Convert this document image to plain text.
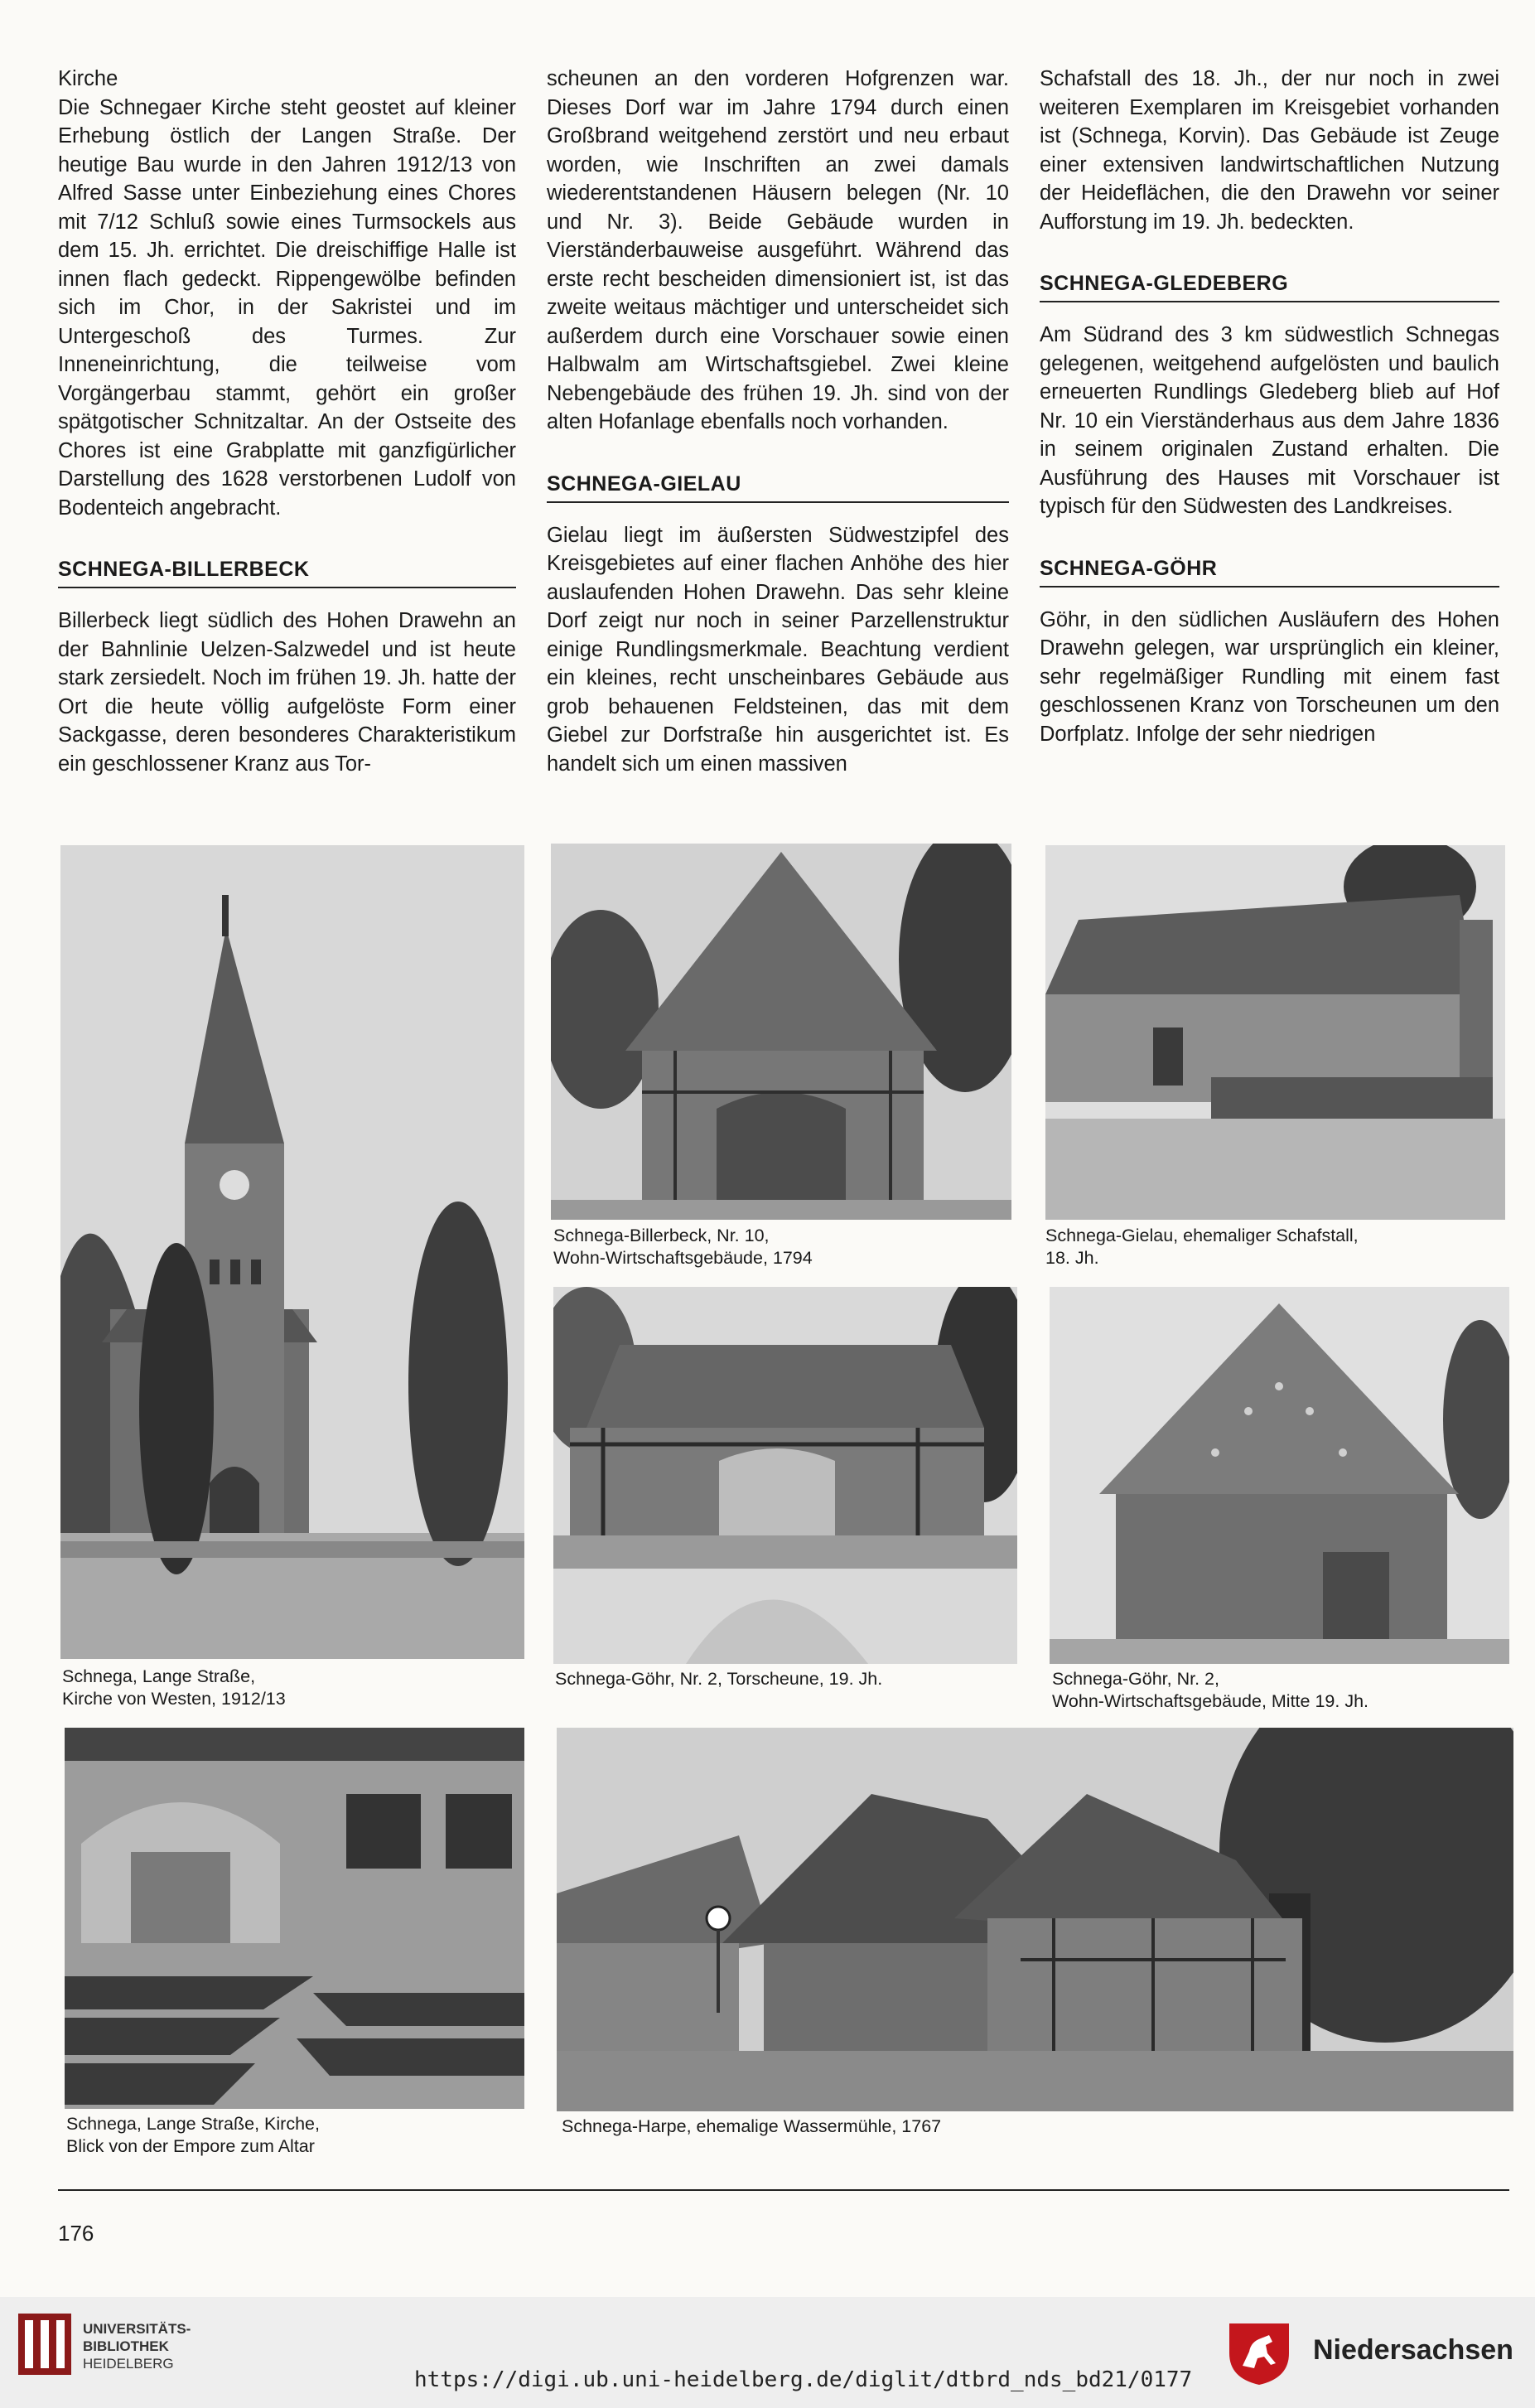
Kirche

Die Schnegaer Kirche steht geostet auf kleiner Erhebung östlich der Langen Straße. Der heutige Bau wurde in den Jahren 1912/13 von Alfred Sasse unter Einbeziehung eines Chores mit 7/12 Schluß sowie eines Turmsockels aus dem 15. Jh. errichtet. Die dreischiffige Halle ist innen flach gedeckt. Rippengewölbe befinden sich im Chor, in der Sakristei und im Untergeschoß des Turmes. Zur Inneneinrichtung, die teilweise vom Vorgängerbau stammt, gehört ein großer spätgotischer Schnitzaltar. An der Ostseite des Chores ist eine Grabplatte mit ganzfigürlicher Darstellung des 1628 verstorbenen Ludolf von Bodenteich angebracht.

SCHNEGA-BILLERBECK

Billerbeck liegt südlich des Hohen Drawehn an der Bahnlinie Uelzen-Salzwedel und ist heute stark zersiedelt. Noch im frühen 19. Jh. hatte der Ort die heute völlig aufgelöste Form einer Sackgasse, deren besonderes Charakteristikum ein geschlossener Kranz aus Tor-

scheunen an den vorderen Hofgrenzen war. Dieses Dorf war im Jahre 1794 durch einen Großbrand weitgehend zerstört und neu erbaut worden, wie Inschriften an zwei damals wiederentstandenen Häusern belegen (Nr. 10 und Nr. 3). Beide Gebäude wurden in Vierständerbauweise ausgeführt. Während das erste recht bescheiden dimensioniert ist, ist das zweite weitaus mächtiger und unterscheidet sich außerdem durch eine Vorschauer sowie einen Halbwalm am Wirtschaftsgiebel. Zwei kleine Nebengebäude des frühen 19. Jh. sind von der alten Hofanlage ebenfalls noch vorhanden.

SCHNEGA-GIELAU

Gielau liegt im äußersten Südwestzipfel des Kreisgebietes auf einer flachen Anhöhe des hier auslaufenden Hohen Drawehn. Das sehr kleine Dorf zeigt nur noch in seiner Parzellenstruktur einige Rundlingsmerkmale. Beachtung verdient ein kleines, recht unscheinbares Gebäude aus grob behauenen Feldsteinen, das mit dem Giebel zur Dorfstraße hin ausgerichtet ist. Es handelt sich um einen massiven

Schafstall des 18. Jh., der nur noch in zwei weiteren Exemplaren im Kreisgebiet vorhanden ist (Schnega, Korvin). Das Gebäude ist Zeuge einer extensiven landwirtschaftlichen Nutzung der Heideflächen, die den Drawehn vor seiner Aufforstung im 19. Jh. bedeckten.

SCHNEGA-GLEDEBERG

Am Südrand des 3 km südwestlich Schnegas gelegenen, weitgehend aufgelösten und baulich erneuerten Rundlings Gledeberg blieb auf Hof Nr. 10 ein Vierständerhaus aus dem Jahre 1836 in seinem originalen Zustand erhalten. Die Ausführung des Hauses mit Vorschauer ist typisch für den Südwesten des Landkreises.

SCHNEGA-GÖHR

Göhr, in den südlichen Ausläufern des Hohen Drawehn gelegen, war ursprünglich ein kleiner, sehr regelmäßiger Rundling mit einem fast geschlossenen Kranz von Torscheunen um den Dorfplatz. Infolge der sehr niedrigen

Schnega, Lange Straße,
Kirche von Westen, 1912/13
Schnega-Billerbeck, Nr. 10,
Wohn-Wirtschaftsgebäude, 1794
Schnega-Gielau, ehemaliger Schafstall,
18. Jh.
Schnega-Göhr, Nr. 2, Torscheune, 19. Jh.	Schnega-Göhr, Nr. 2,
Wohn-Wirtschaftsgebäude, Mitte 19. Jh.
Schnega, Lange Straße, Kirche,
Blick von der Empore zum Altar
Schnega-Harpe, ehemalige Wassermühle, 1767
176
UNIVERSITÄTS-
BIBLIOTHEK
HEIDELBERG
https://digi.ub.uni-heidelberg.de/diglit/dtbrd_nds_bd21/0177
Niedersachsen
